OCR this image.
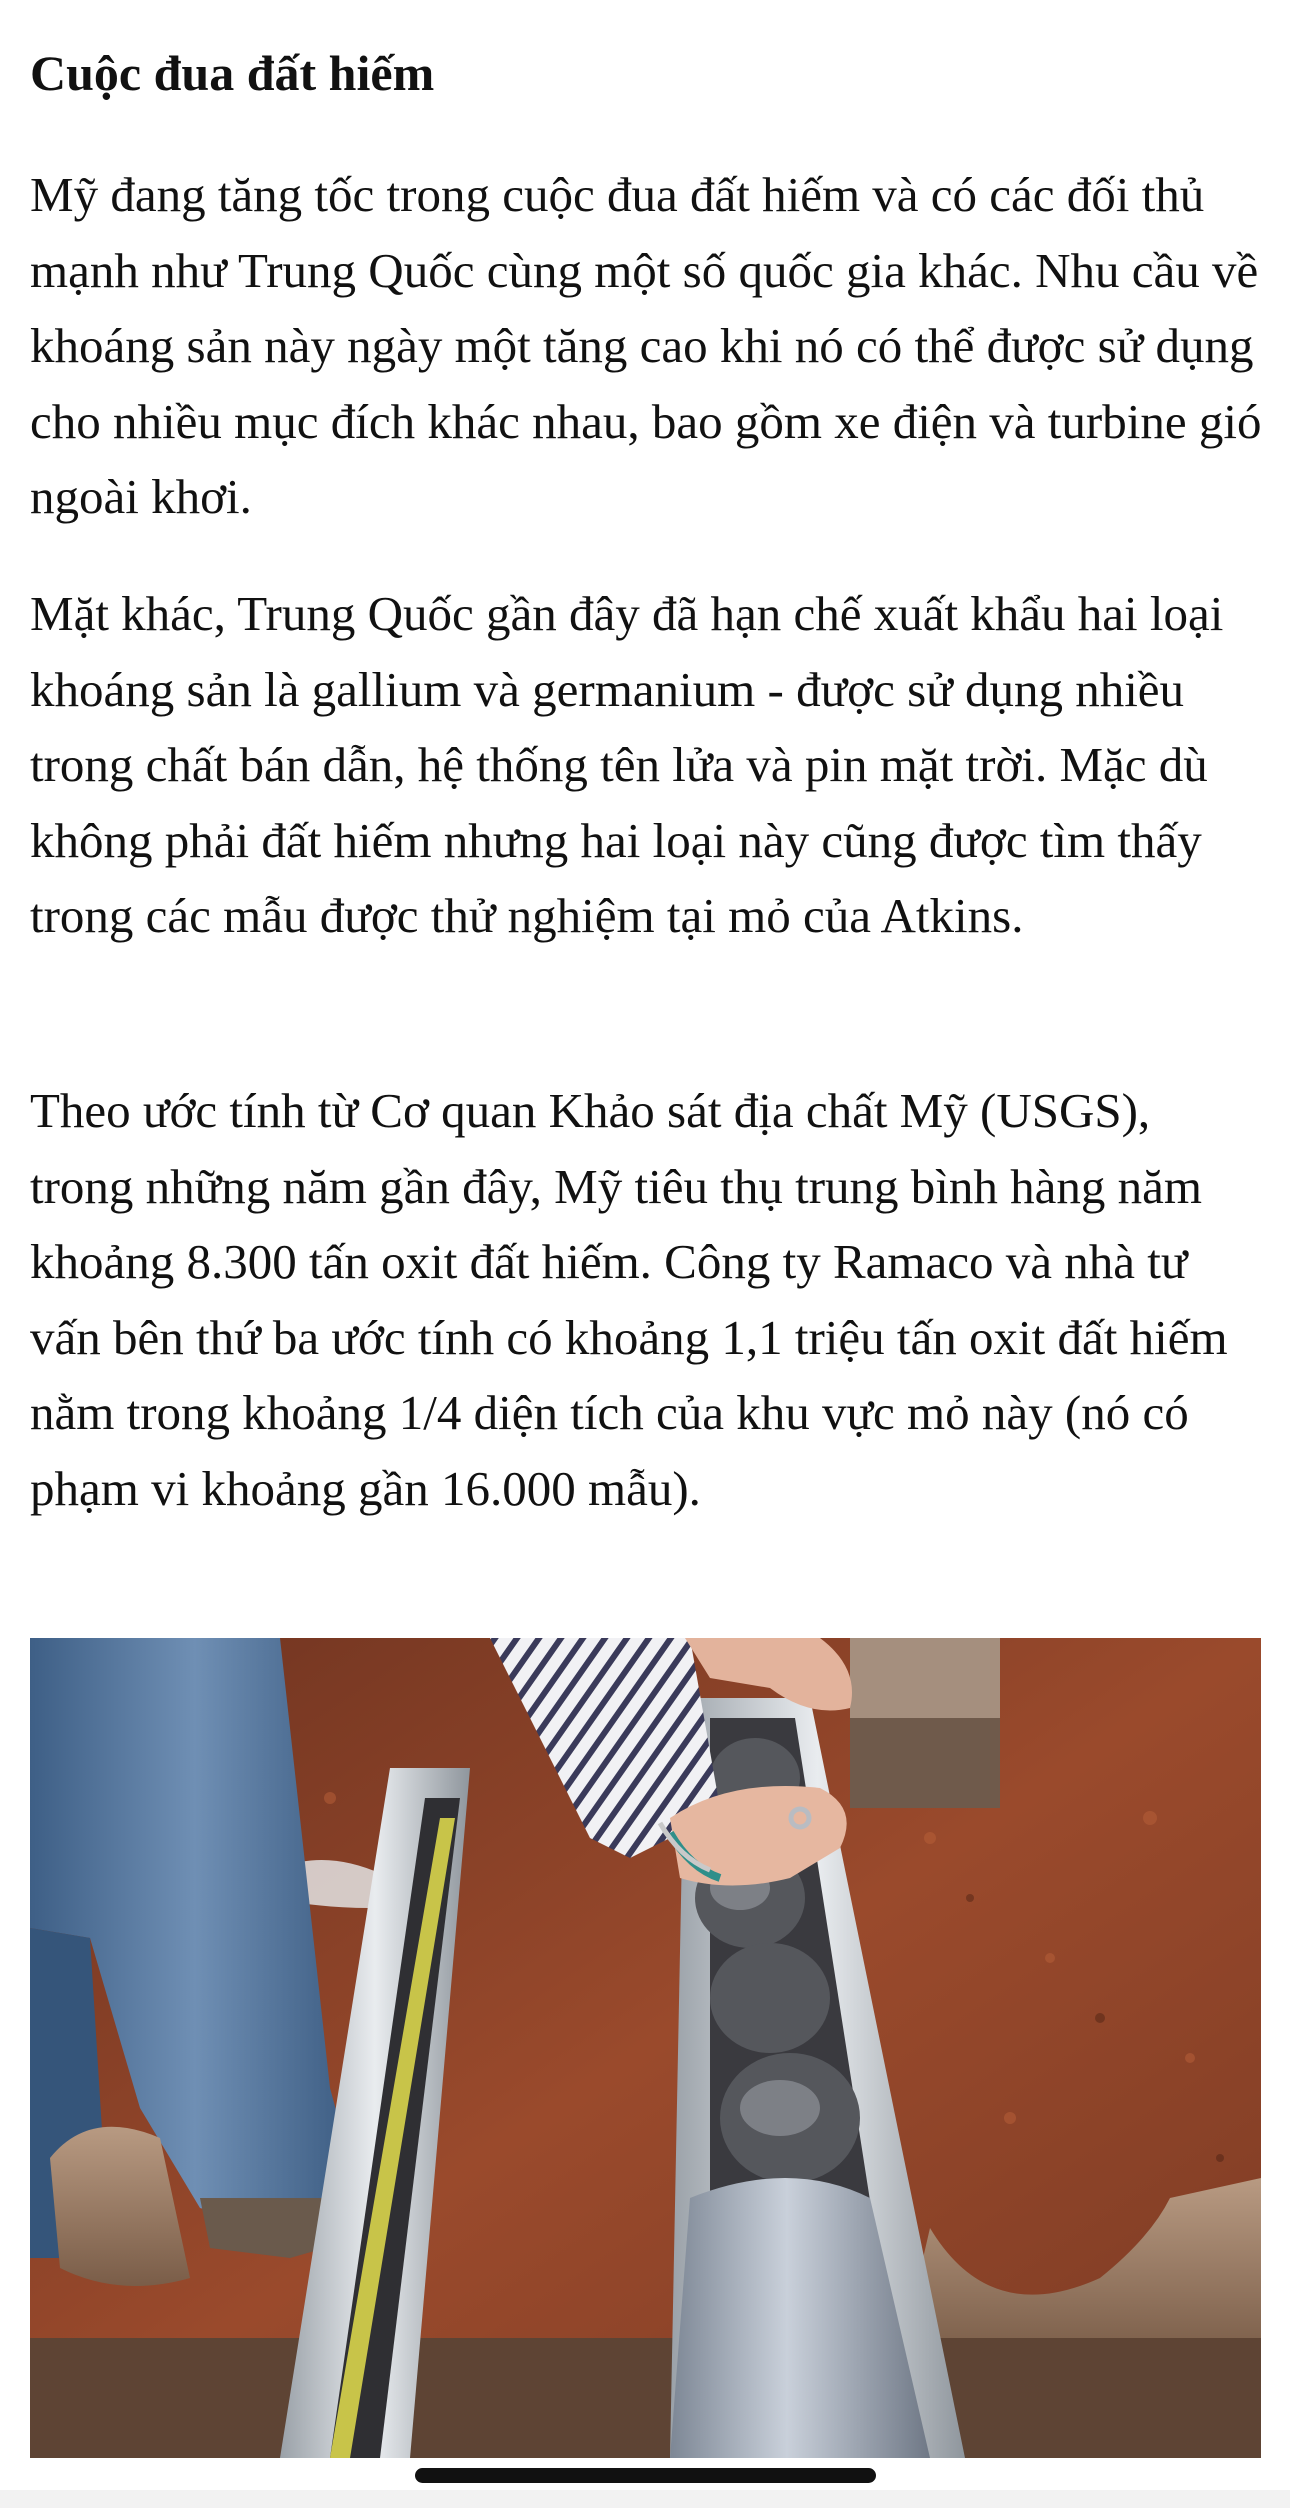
Cuộc đua đất hiếm

Mỹ đang tăng tốc trong cuộc đua đất hiếm và có các đối thủ mạnh như Trung Quốc cùng một số quốc gia khác. Nhu cầu về khoáng sản này ngày một tăng cao khi nó có thể được sử dụng cho nhiều mục đích khác nhau, bao gồm xe điện và turbine gió ngoài khơi.

Mặt khác, Trung Quốc gần đây đã hạn chế xuất khẩu hai loại khoáng sản là gallium và germanium - được sử dụng nhiều trong chất bán dẫn, hệ thống tên lửa và pin mặt trời. Mặc dù không phải đất hiếm nhưng hai loại này cũng được tìm thấy trong các mẫu được thử nghiệm tại mỏ của Atkins.

Theo ước tính từ Cơ quan Khảo sát địa chất Mỹ (USGS), trong những năm gần đây, Mỹ tiêu thụ trung bình hàng năm khoảng 8.300 tấn oxit đất hiếm. Công ty Ramaco và nhà tư vấn bên thứ ba ước tính có khoảng 1,1 triệu tấn oxit đất hiếm nằm trong khoảng 1/4 diện tích của khu vực mỏ này (nó có phạm vi khoảng gần 16.000 mẫu).
